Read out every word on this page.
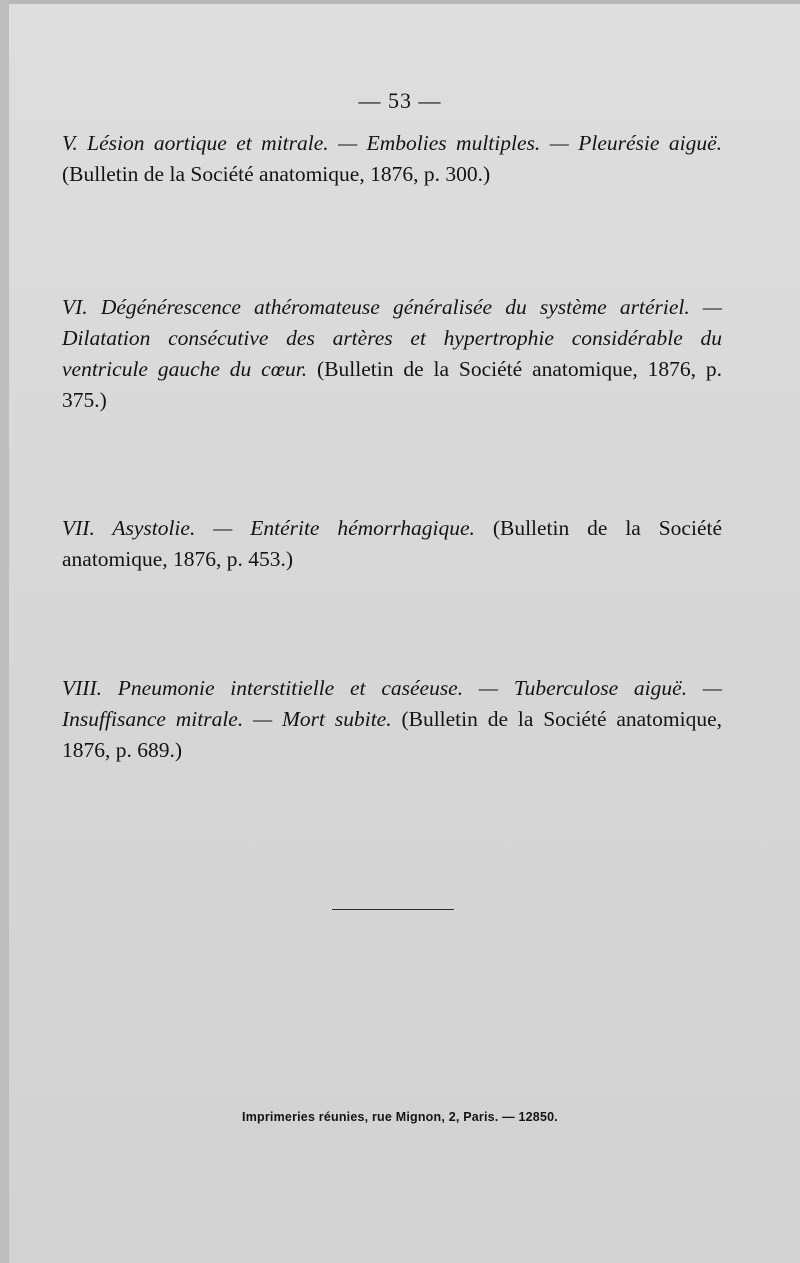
— 53 —

V. Lésion aortique et mitrale. — Embolies multiples. — Pleurésie aiguë. (Bulletin de la Société anatomique, 1876, p. 300.)

VI. Dégénérescence athéromateuse généralisée du système artériel. — Dilatation consécutive des artères et hypertrophie considérable du ventricule gauche du cœur. (Bulletin de la Société anatomique, 1876, p. 375.)

VII. Asystolie. — Entérite hémorrhagique. (Bulletin de la Société anatomique, 1876, p. 453.)

VIII. Pneumonie interstitielle et caséeuse. — Tuberculose aiguë. — Insuffisance mitrale. — Mort subite. (Bulletin de la Société anatomique, 1876, p. 689.)

Imprimeries réunies, rue Mignon, 2, Paris. — 12850.
